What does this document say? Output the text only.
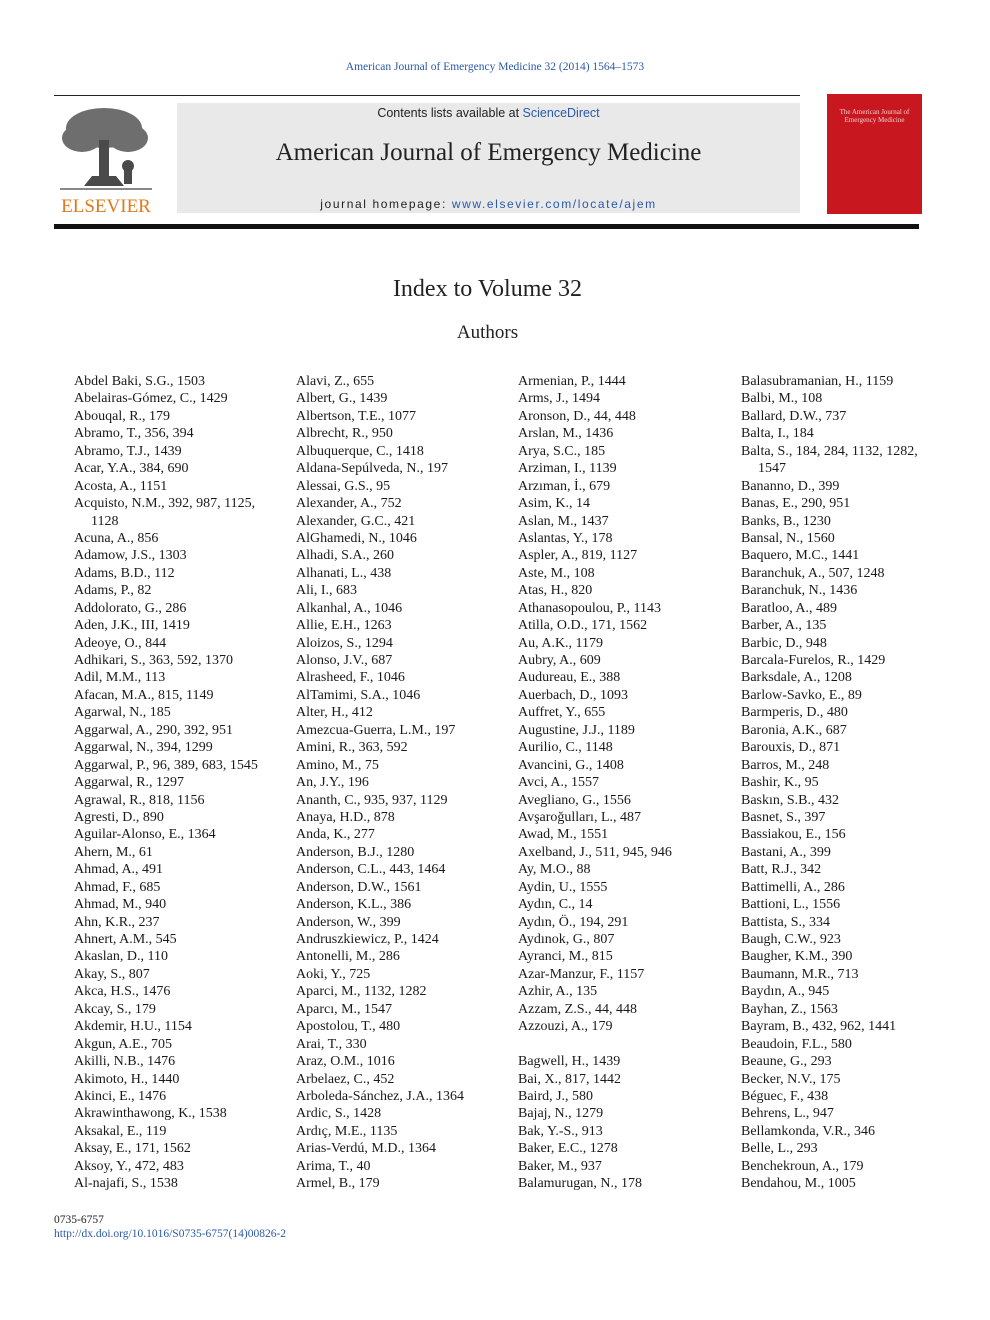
American Journal of Emergency Medicine 32 (2014) 1564–1573
ELSEVIER
Contents lists available at ScienceDirect
American Journal of Emergency Medicine
journal homepage: www.elsevier.com/locate/ajem
The American Journal of Emergency Medicine
Index to Volume 32
Authors
Abdel Baki, S.G., 1503
Abelairas-Gómez, C., 1429
Abouqal, R., 179
Abramo, T., 356, 394
Abramo, T.J., 1439
Acar, Y.A., 384, 690
Acosta, A., 1151
Acquisto, N.M., 392, 987, 1125, 1128
Acuna, A., 856
Adamow, J.S., 1303
Adams, B.D., 112
Adams, P., 82
Addolorato, G., 286
Aden, J.K., III, 1419
Adeoye, O., 844
Adhikari, S., 363, 592, 1370
Adil, M.M., 113
Afacan, M.A., 815, 1149
Agarwal, N., 185
Aggarwal, A., 290, 392, 951
Aggarwal, N., 394, 1299
Aggarwal, P., 96, 389, 683, 1545
Aggarwal, R., 1297
Agrawal, R., 818, 1156
Agresti, D., 890
Aguilar-Alonso, E., 1364
Ahern, M., 61
Ahmad, A., 491
Ahmad, F., 685
Ahmad, M., 940
Ahn, K.R., 237
Ahnert, A.M., 545
Akaslan, D., 110
Akay, S., 807
Akca, H.S., 1476
Akcay, S., 179
Akdemir, H.U., 1154
Akgun, A.E., 705
Akilli, N.B., 1476
Akimoto, H., 1440
Akinci, E., 1476
Akrawinthawong, K., 1538
Aksakal, E., 119
Aksay, E., 171, 1562
Aksoy, Y., 472, 483
Al-najafi, S., 1538
Alavi, Z., 655
Albert, G., 1439
Albertson, T.E., 1077
Albrecht, R., 950
Albuquerque, C., 1418
Aldana-Sepúlveda, N., 197
Alessai, G.S., 95
Alexander, A., 752
Alexander, G.C., 421
AlGhamedi, N., 1046
Alhadi, S.A., 260
Alhanati, L., 438
Ali, I., 683
Alkanhal, A., 1046
Allie, E.H., 1263
Aloizos, S., 1294
Alonso, J.V., 687
Alrasheed, F., 1046
AlTamimi, S.A., 1046
Alter, H., 412
Amezcua-Guerra, L.M., 197
Amini, R., 363, 592
Amino, M., 75
An, J.Y., 196
Ananth, C., 935, 937, 1129
Anaya, H.D., 878
Anda, K., 277
Anderson, B.J., 1280
Anderson, C.L., 443, 1464
Anderson, D.W., 1561
Anderson, K.L., 386
Anderson, W., 399
Andruszkiewicz, P., 1424
Antonelli, M., 286
Aoki, Y., 725
Aparci, M., 1132, 1282
Aparcı, M., 1547
Apostolou, T., 480
Arai, T., 330
Araz, O.M., 1016
Arbelaez, C., 452
Arboleda-Sánchez, J.A., 1364
Ardic, S., 1428
Ardıç, M.E., 1135
Arias-Verdú, M.D., 1364
Arima, T., 40
Armel, B., 179
Armenian, P., 1444
Arms, J., 1494
Aronson, D., 44, 448
Arslan, M., 1436
Arya, S.C., 185
Arziman, I., 1139
Arzıman, İ., 679
Asim, K., 14
Aslan, M., 1437
Aslantas, Y., 178
Aspler, A., 819, 1127
Aste, M., 108
Atas, H., 820
Athanasopoulou, P., 1143
Atilla, O.D., 171, 1562
Au, A.K., 1179
Aubry, A., 609
Audureau, E., 388
Auerbach, D., 1093
Auffret, Y., 655
Augustine, J.J., 1189
Aurilio, C., 1148
Avancini, G., 1408
Avci, A., 1557
Avegliano, G., 1556
Avşaroğulları, L., 487
Awad, M., 1551
Axelband, J., 511, 945, 946
Ay, M.O., 88
Aydin, U., 1555
Aydın, C., 14
Aydın, Ö., 194, 291
Aydınok, G., 807
Ayranci, M., 815
Azar-Manzur, F., 1157
Azhir, A., 135
Azzam, Z.S., 44, 448
Azzouzi, A., 179
Bagwell, H., 1439
Bai, X., 817, 1442
Baird, J., 580
Bajaj, N., 1279
Bak, Y.-S., 913
Baker, E.C., 1278
Baker, M., 937
Balamurugan, N., 178
Balasubramanian, H., 1159
Balbi, M., 108
Ballard, D.W., 737
Balta, I., 184
Balta, S., 184, 284, 1132, 1282, 1547
Bananno, D., 399
Banas, E., 290, 951
Banks, B., 1230
Bansal, N., 1560
Baquero, M.C., 1441
Baranchuk, A., 507, 1248
Baranchuk, N., 1436
Baratloo, A., 489
Barber, A., 135
Barbic, D., 948
Barcala-Furelos, R., 1429
Barksdale, A., 1208
Barlow-Savko, E., 89
Barmperis, D., 480
Baronia, A.K., 687
Barouxis, D., 871
Barros, M., 248
Bashir, K., 95
Baskın, S.B., 432
Basnet, S., 397
Bassiakou, E., 156
Bastani, A., 399
Batt, R.J., 342
Battimelli, A., 286
Battioni, L., 1556
Battista, S., 334
Baugh, C.W., 923
Baugher, K.M., 390
Baumann, M.R., 713
Baydın, A., 945
Bayhan, Z., 1563
Bayram, B., 432, 962, 1441
Beaudoin, F.L., 580
Beaune, G., 293
Becker, N.V., 175
Béguec, F., 438
Behrens, L., 947
Bellamkonda, V.R., 346
Belle, L., 293
Benchekroun, A., 179
Bendahou, M., 1005
0735-6757
http://dx.doi.org/10.1016/S0735-6757(14)00826-2
